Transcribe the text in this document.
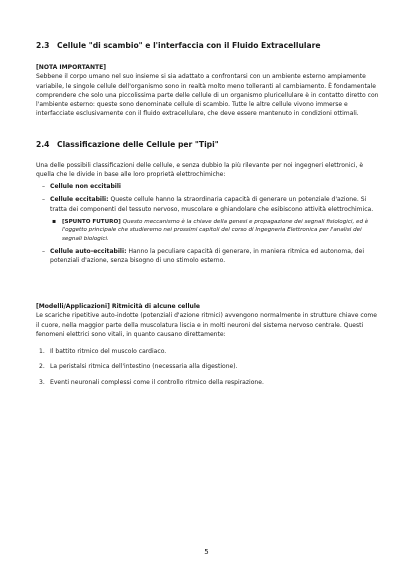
2.3 Cellule "di scambio" e l'interfaccia con il Fluido Extracellulare
[NOTA IMPORTANTE]
Sebbene il corpo umano nel suo insieme si sia adattato a confrontarsi con un ambiente esterno ampiamente variabile, le singole cellule dell'organismo sono in realtà molto meno tolleranti al cambiamento. È fondamentale comprendere che solo una piccolissima parte delle cellule di un organismo pluricellulare è in contatto diretto con l'ambiente esterno: queste sono denominate cellule di scambio. Tutte le altre cellule vivono immerse e interfacciate esclusivamente con il fluido extracellulare, che deve essere mantenuto in condizioni ottimali.
2.4 Classificazione delle Cellule per "Tipi"
Una delle possibili classificazioni delle cellule, e senza dubbio la più rilevante per noi ingegneri elettronici, è quella che le divide in base alle loro proprietà elettrochimiche:
– Cellule non eccitabili
– Cellule eccitabili: Queste cellule hanno la straordinaria capacità di generare un potenziale d'azione. Si tratta dei componenti del tessuto nervoso, muscolare e ghiandolare che esibiscono attività elettrochimica.
▪ [SPUNTO FUTURO] Questo meccanismo è la chiave della genesi e propagazione dei segnali fisiologici, ed è l'oggetto principale che studieremo nei prossimi capitoli del corso di Ingegneria Elettronica per l'analisi dei segnali biologici.
– Cellule auto-eccitabili: Hanno la peculiare capacità di generare, in maniera ritmica ed autonoma, dei potenziali d'azione, senza bisogno di uno stimolo esterno.
[Modelli/Applicazioni] Ritmicità di alcune cellule
Le scariche ripetitive auto-indotte (potenziali d'azione ritmici) avvengono normalmente in strutture chiave come il cuore, nella maggior parte della muscolatura liscia e in molti neuroni del sistema nervoso centrale. Questi fenomeni elettrici sono vitali, in quanto causano direttamente:
1. Il battito ritmico del muscolo cardiaco.
2. La peristalsi ritmica dell'intestino (necessaria alla digestione).
3. Eventi neuronali complessi come il controllo ritmico della respirazione.
5
